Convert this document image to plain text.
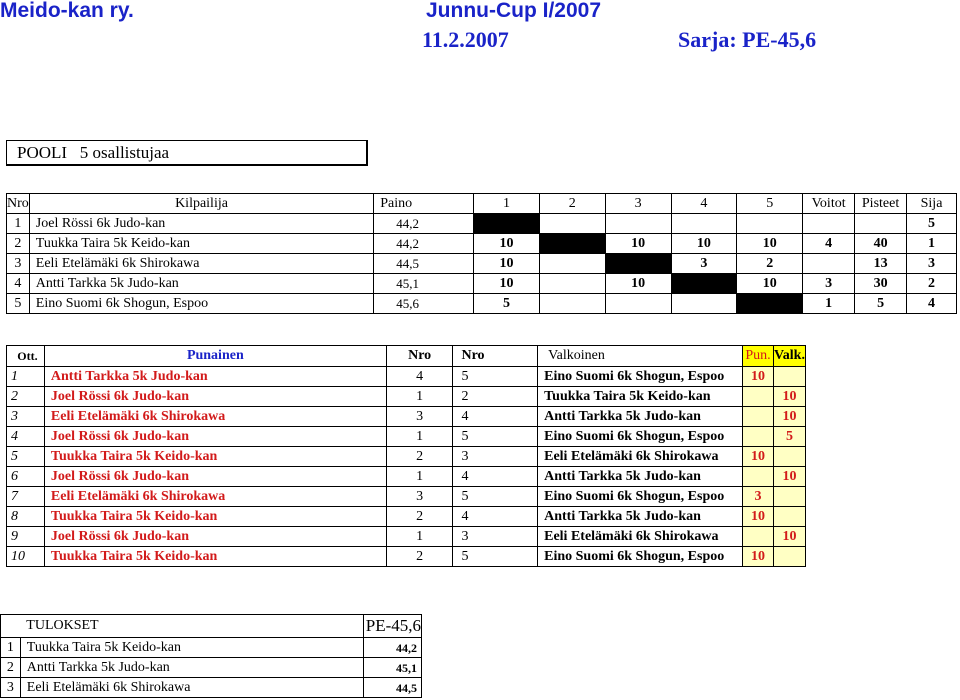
Meido-kan ry.	Junnu-Cup I/2007
11.2.2007	Sarja: PE-45,6
POOLI   5 osallistujaa
Nro	Kilpailija	Paino	1	2	3	4	5	Voitot	Pisteet	Sija
1	Joel Rössi 6k Judo-kan	44,2								5
2	Tuukka Taira 5k Keido-kan	44,2	10		10	10	10	4	40	1
3	Eeli Etelämäki 6k Shirokawa	44,5	10			3	2		13	3
4	Antti Tarkka 5k Judo-kan	45,1	10		10		10	3	30	2
5	Eino Suomi 6k Shogun, Espoo	45,6	5					1	5	4
Ott.	Punainen	Nro	Nro	Valkoinen	Pun.	Valk.
1	Antti Tarkka 5k Judo-kan	4	5	Eino Suomi 6k Shogun, Espoo	10	
2	Joel Rössi 6k Judo-kan	1	2	Tuukka Taira 5k Keido-kan		10
3	Eeli Etelämäki 6k Shirokawa	3	4	Antti Tarkka 5k Judo-kan		10
4	Joel Rössi 6k Judo-kan	1	5	Eino Suomi 6k Shogun, Espoo		5
5	Tuukka Taira 5k Keido-kan	2	3	Eeli Etelämäki 6k Shirokawa	10	
6	Joel Rössi 6k Judo-kan	1	4	Antti Tarkka 5k Judo-kan		10
7	Eeli Etelämäki 6k Shirokawa	3	5	Eino Suomi 6k Shogun, Espoo	3	
8	Tuukka Taira 5k Keido-kan	2	4	Antti Tarkka 5k Judo-kan	10	
9	Joel Rössi 6k Judo-kan	1	3	Eeli Etelämäki 6k Shirokawa		10
10	Tuukka Taira 5k Keido-kan	2	5	Eino Suomi 6k Shogun, Espoo	10	
	TULOKSET	PE-45,6
1	Tuukka Taira 5k Keido-kan	44,2
2	Antti Tarkka 5k Judo-kan	45,1
3	Eeli Etelämäki 6k Shirokawa	44,5
